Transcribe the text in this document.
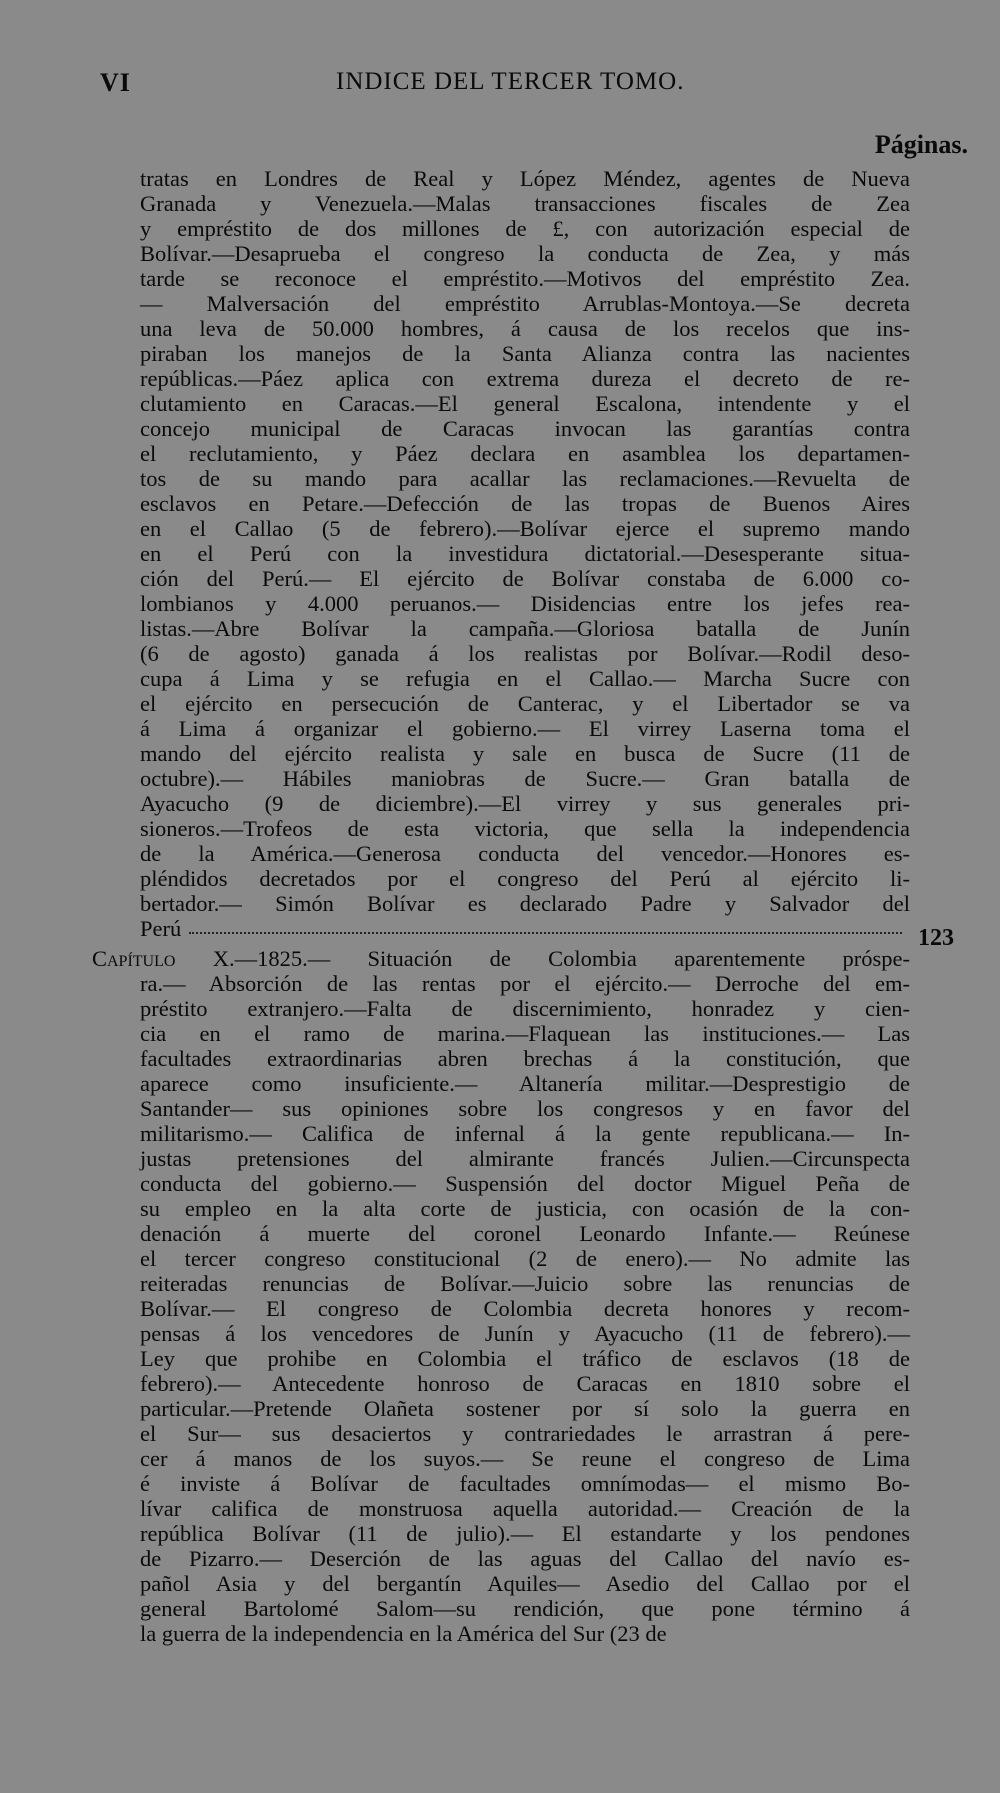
VI	INDICE DEL TERCER TOMO.
Páginas.
tratas en Londres de Real y López Méndez, agentes de Nueva
Granada y Venezuela.—Malas transacciones fiscales de Zea
y empréstito de dos millones de £, con autorización especial de
Bolívar.—Desaprueba el congreso la conducta de Zea, y más
tarde se reconoce el empréstito.—Motivos del empréstito Zea.
— Malversación del empréstito Arrublas-Montoya.—Se decreta
una leva de 50.000 hombres, á causa de los recelos que ins-
piraban los manejos de la Santa Alianza contra las nacientes
repúblicas.—Páez aplica con extrema dureza el decreto de re-
clutamiento en Caracas.—El general Escalona, intendente y el
concejo municipal de Caracas invocan las garantías contra
el reclutamiento, y Páez declara en asamblea los departamen-
tos de su mando para acallar las reclamaciones.—Revuelta de
esclavos en Petare.—Defección de las tropas de Buenos Aires
en el Callao (5 de febrero).—Bolívar ejerce el supremo mando
en el Perú con la investidura dictatorial.—Desesperante situa-
ción del Perú.— El ejército de Bolívar constaba de 6.000 co-
lombianos y 4.000 peruanos.— Disidencias entre los jefes rea-
listas.—Abre Bolívar la campaña.—Gloriosa batalla de Junín
(6 de agosto) ganada á los realistas por Bolívar.—Rodil deso-
cupa á Lima y se refugia en el Callao.— Marcha Sucre con
el ejército en persecución de Canterac, y el Libertador se va
á Lima á organizar el gobierno.— El virrey Laserna toma el
mando del ejército realista y sale en busca de Sucre (11 de
octubre).— Hábiles maniobras de Sucre.— Gran batalla de
Ayacucho (9 de diciembre).—El virrey y sus generales pri-
sioneros.—Trofeos de esta victoria, que sella la independencia
de la América.—Generosa conducta del vencedor.—Honores es-
pléndidos decretados por el congreso del Perú al ejército li-
bertador.— Simón Bolívar es declarado Padre y Salvador del
Perú	123
Capítulo X.—1825.— Situación de Colombia aparentemente próspe-
ra.— Absorción de las rentas por el ejército.— Derroche del em-
préstito extranjero.—Falta de discernimiento, honradez y cien-
cia en el ramo de marina.—Flaquean las instituciones.— Las
facultades extraordinarias abren brechas á la constitución, que
aparece como insuficiente.— Altanería militar.—Desprestigio de
Santander— sus opiniones sobre los congresos y en favor del
militarismo.— Califica de infernal á la gente republicana.— In-
justas pretensiones del almirante francés Julien.—Circunspecta
conducta del gobierno.— Suspensión del doctor Miguel Peña de
su empleo en la alta corte de justicia, con ocasión de la con-
denación á muerte del coronel Leonardo Infante.— Reúnese
el tercer congreso constitucional (2 de enero).— No admite las
reiteradas renuncias de Bolívar.—Juicio sobre las renuncias de
Bolívar.— El congreso de Colombia decreta honores y recom-
pensas á los vencedores de Junín y Ayacucho (11 de febrero).—
Ley que prohibe en Colombia el tráfico de esclavos (18 de
febrero).— Antecedente honroso de Caracas en 1810 sobre el
particular.—Pretende Olañeta sostener por sí solo la guerra en
el Sur— sus desaciertos y contrariedades le arrastran á pere-
cer á manos de los suyos.— Se reune el congreso de Lima
é inviste á Bolívar de facultades omnímodas— el mismo Bo-
lívar califica de monstruosa aquella autoridad.— Creación de la
república Bolívar (11 de julio).— El estandarte y los pendones
de Pizarro.— Deserción de las aguas del Callao del navío es-
pañol Asia y del bergantín Aquiles— Asedio del Callao por el
general Bartolomé Salom—su rendición, que pone término á
la guerra de la independencia en la América del Sur (23 de
